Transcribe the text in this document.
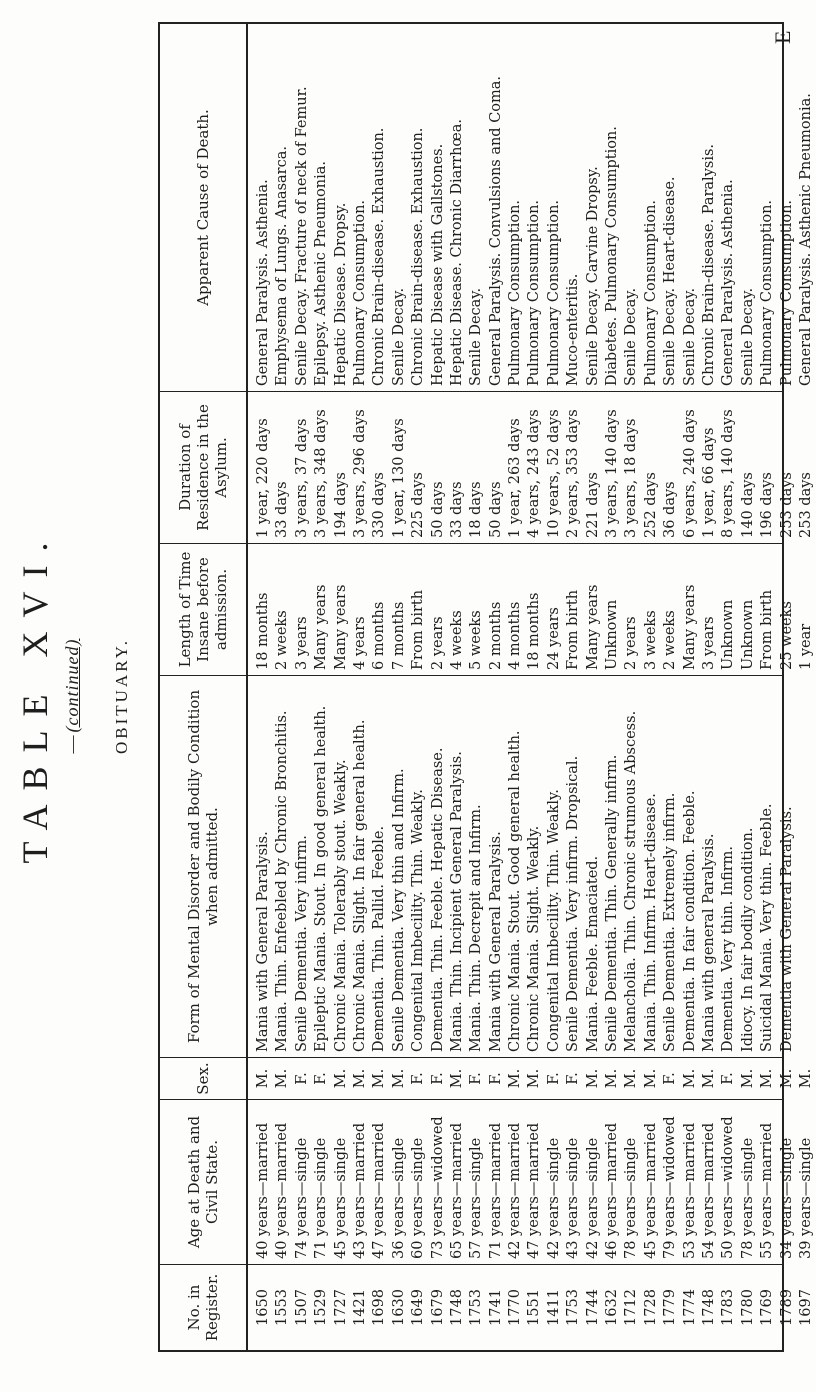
TABLE XVI. —(continued) OBITUARY.
No. in Register.
Age at Death and Civil State.
Sex.
Form of Mental Disorder and Bodily Condition when admitted.
Length of Time Insane before admission.
Duration of Residence in the Asylum.
Apparent Cause of Death.
1650 1553 1507 1529 1727 1421 1698 1630 1649 1679 1748 1753 1741 1770 1551 1411 1753 1744 1632 1712 1728 1779 1774 1748 1783 1780 1769 1789 1697
40 years—married 40 years—married 74 years—single 71 years—single 45 years—single 43 years—married 47 years—married 36 years—single 60 years—single 73 years—widowed 65 years—married 57 years—single 71 years—married 42 years—married 47 years—married 42 years—single 43 years—single 42 years—single 46 years—married 78 years—single 45 years—married 79 years—widowed 53 years—married 54 years—married 50 years—widowed 78 years—single 55 years—married 34 years—single 39 years—single
M. M. F. F. M. M. M. M. F. F. M. F. F. M. M. F. F. M. M. M. M. F. M. M. F. M. M. M. M.
Mania with General Paralysis. Mania. Thin. Enfeebled by Chronic Bronchitis. Senile Dementia. Very infirm. Epileptic Mania. Stout. In good general health. Chronic Mania. Tolerably stout. Weakly. Chronic Mania. Slight. In fair general health. Dementia. Thin. Pallid. Feeble. Senile Dementia. Very thin and Infirm. Congenital Imbecility. Thin. Weakly. Dementia. Thin. Feeble. Hepatic Disease. Mania. Thin. Incipient General Paralysis. Mania. Thin. Decrepit and Infirm. Mania with General Paralysis. Chronic Mania. Stout. Good general health. Chronic Mania. Slight. Weakly. Congenital Imbecility. Thin. Weakly. Senile Dementia. Very infirm. Dropsical. Mania. Feeble. Emaciated. Senile Dementia. Thin. Generally infirm. Melancholia. Thin. Chronic strumous Abscess. Mania. Thin. Infirm. Heart-disease. Senile Dementia. Extremely infirm. Dementia. In fair condition. Feeble. Mania with general Paralysis. Dementia. Very thin. Infirm. Idiocy. In fair bodily condition. Suicidal Mania. Very thin. Feeble. Dementia with General Paralysis.
18 months 2 weeks 3 years Many years Many years 4 years 6 months 7 months From birth 2 years 4 weeks 5 weeks 2 months 4 months 18 months 24 years From birth Many years Unknown 2 years 3 weeks 2 weeks Many years 3 years Unknown Unknown From birth 25 weeks 1 year
1 year, 220 days 33 days 3 years, 37 days 3 years, 348 days 194 days 3 years, 296 days 330 days 1 year, 130 days 225 days 50 days 33 days 18 days 50 days 1 year, 263 days 4 years, 243 days 10 years, 52 days 2 years, 353 days 221 days 3 years, 140 days 3 years, 18 days 252 days 36 days 6 years, 240 days 1 year, 66 days 8 years, 140 days 140 days 196 days 253 days 253 days
General Paralysis. Asthenia. Emphysema of Lungs. Anasarca. Senile Decay. Fracture of neck of Femur. Epilepsy. Asthenic Pneumonia. Hepatic Disease. Dropsy. Pulmonary Consumption. Chronic Brain-disease. Exhaustion. Senile Decay. Chronic Brain-disease. Exhaustion. Hepatic Disease with Gallstones. Hepatic Disease. Chronic Diarrhœa. Senile Decay. General Paralysis. Convulsions and Coma. Pulmonary Consumption. Pulmonary Consumption. Pulmonary Consumption. Muco-enteritis. Senile Decay. Carvine Dropsy. Diabetes. Pulmonary Consumption. Senile Decay. Pulmonary Consumption. Senile Decay. Heart-disease. Senile Decay. Chronic Brain-disease. Paralysis. General Paralysis. Asthenia. Senile Decay. Pulmonary Consumption. Pulmonary Consumption. General Paralysis. Asthenic Pneumonia.
E
